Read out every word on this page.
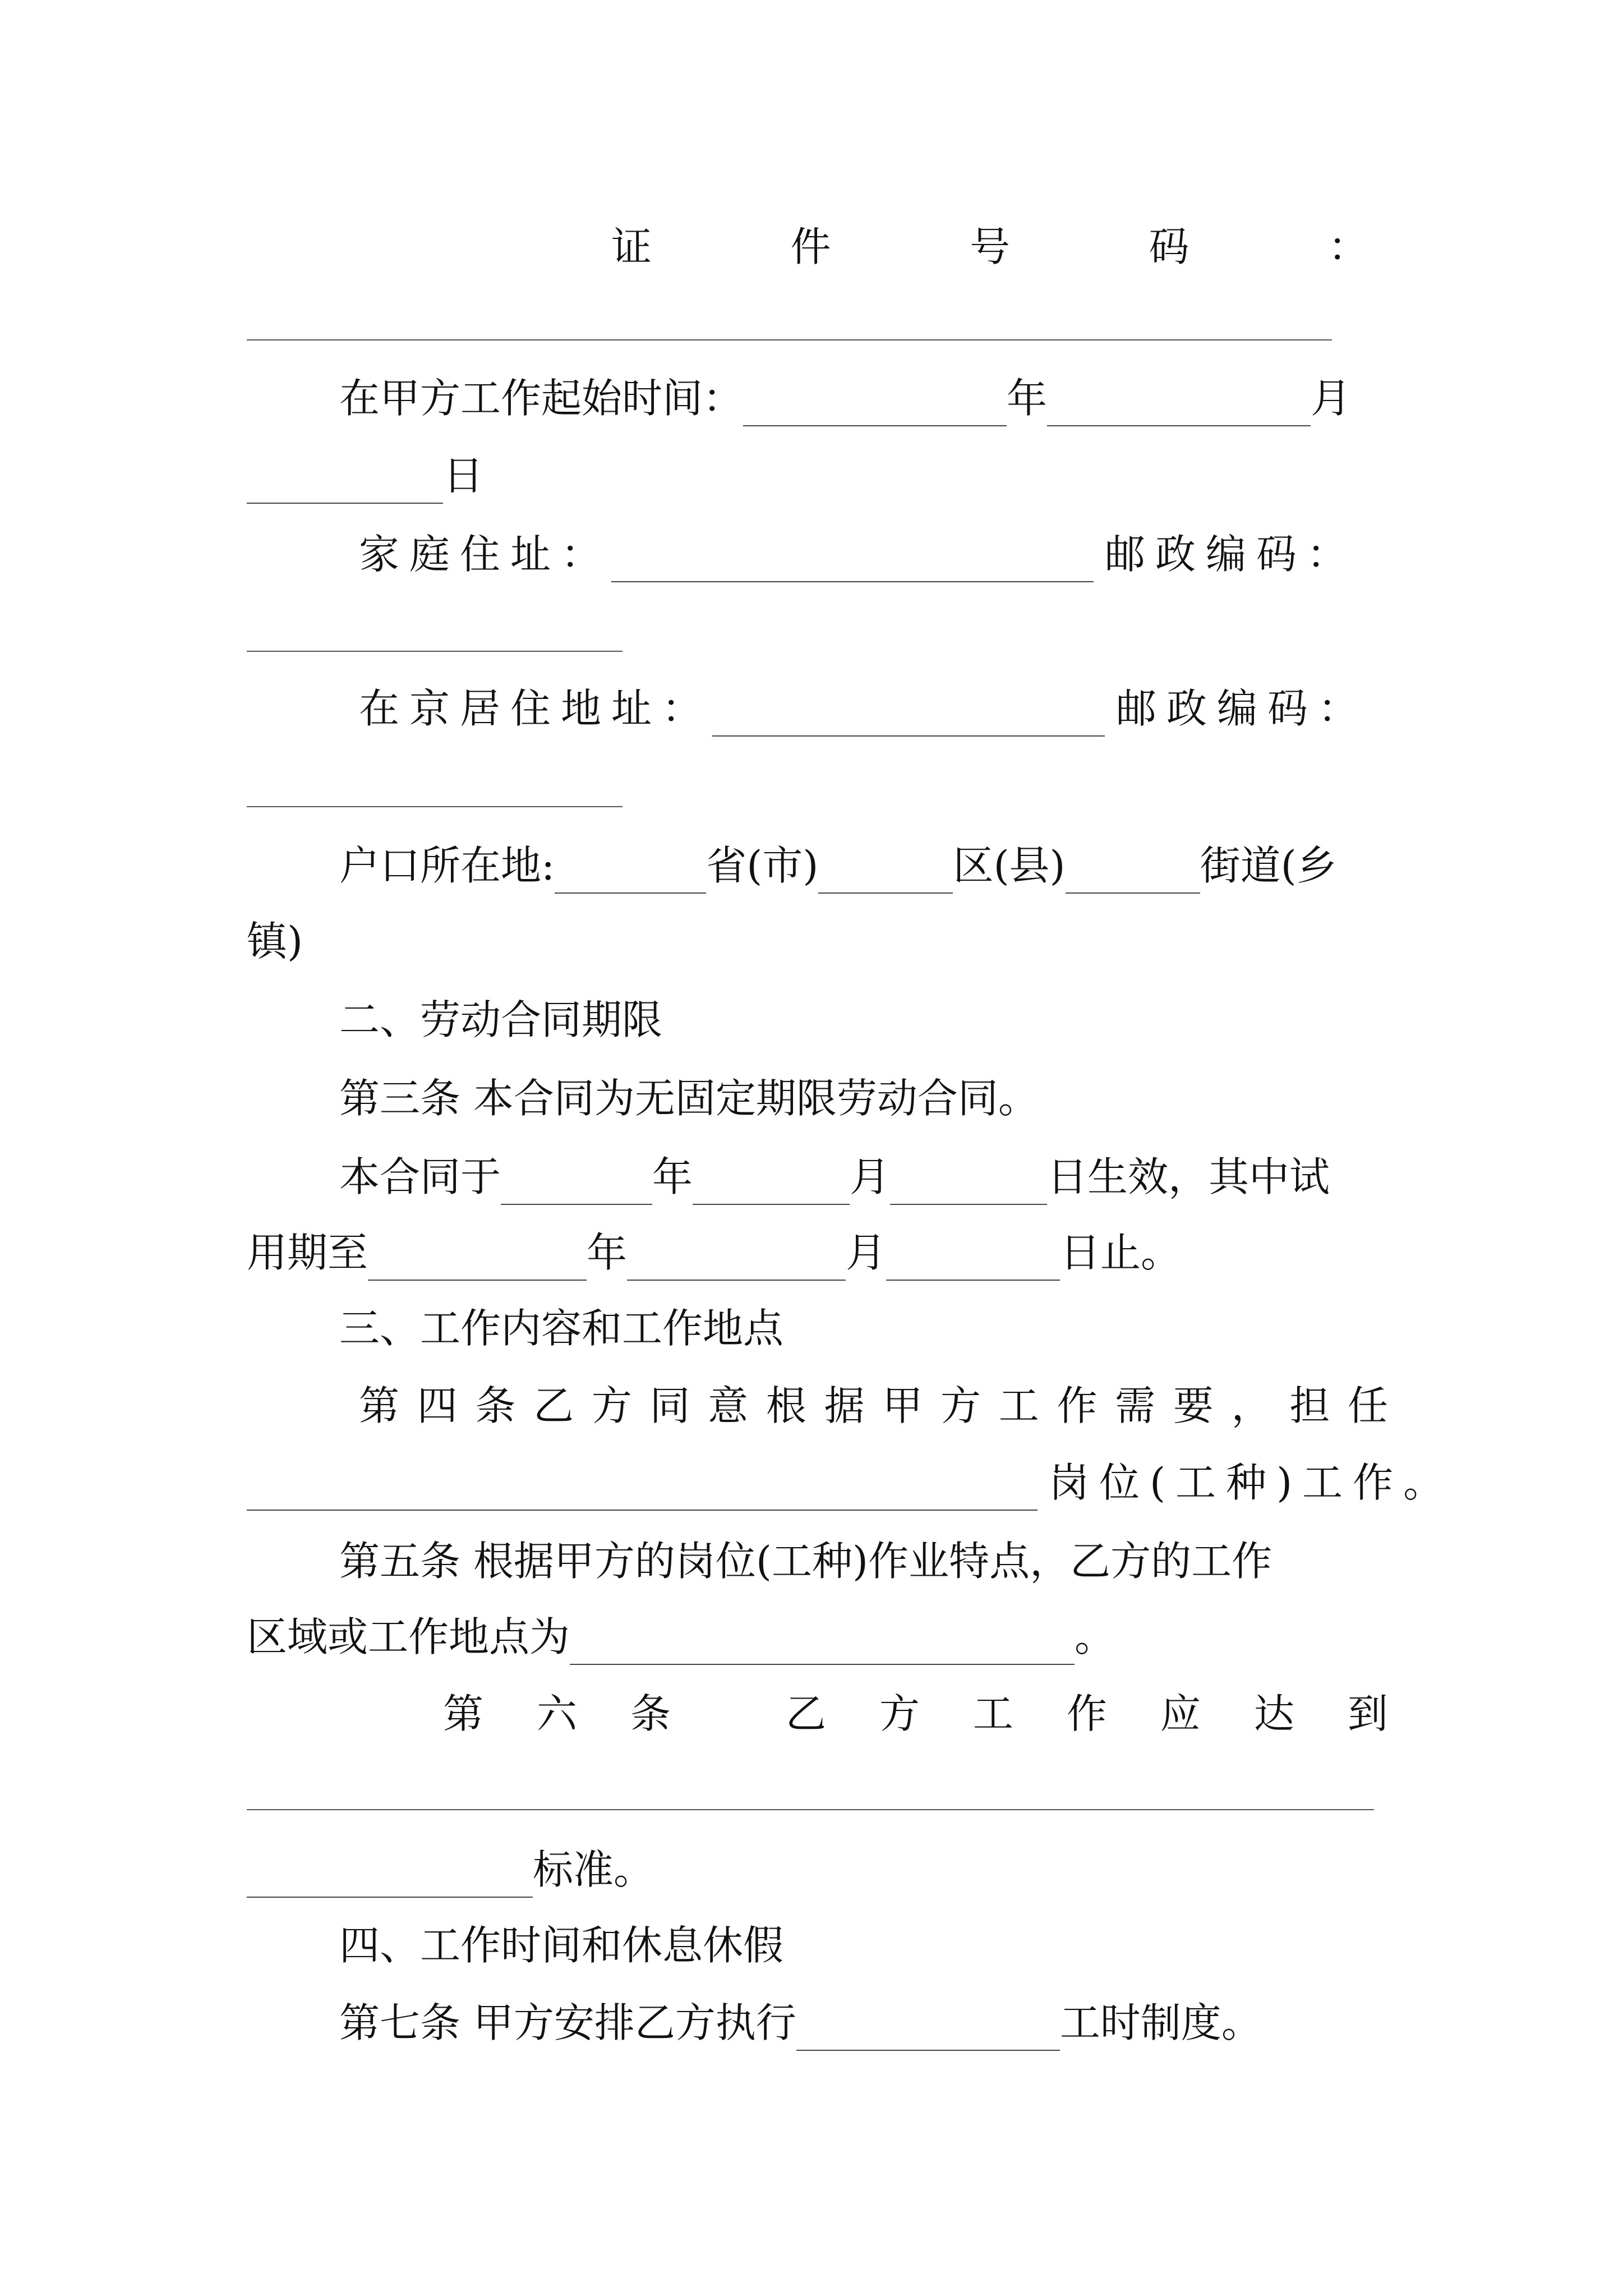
证	件	号	码	：
在甲方工作起始时间：	年	月
日
家庭住址：	邮政编码：
在京居住地址：	邮政编码：
户口所在地:	省(市)	区(县)	街道(乡
镇)
二、劳动合同期限
第三条 本合同为无固定期限劳动合同。
本合同于	年	月	日生效，其中试
用期至	年	月	日止。
三、工作内容和工作地点
第 四 条 乙 方 同 意 根 据 甲 方 工 作 需 要 ， 担 任
岗位(工种)工作。
第五条 根据甲方的岗位(工种)作业特点，乙方的工作
区域或工作地点为	。
第 六 条	乙 方 工 作 应 达 到
标准。
四、工作时间和休息休假
第七条 甲方安排乙方执行	工时制度。
